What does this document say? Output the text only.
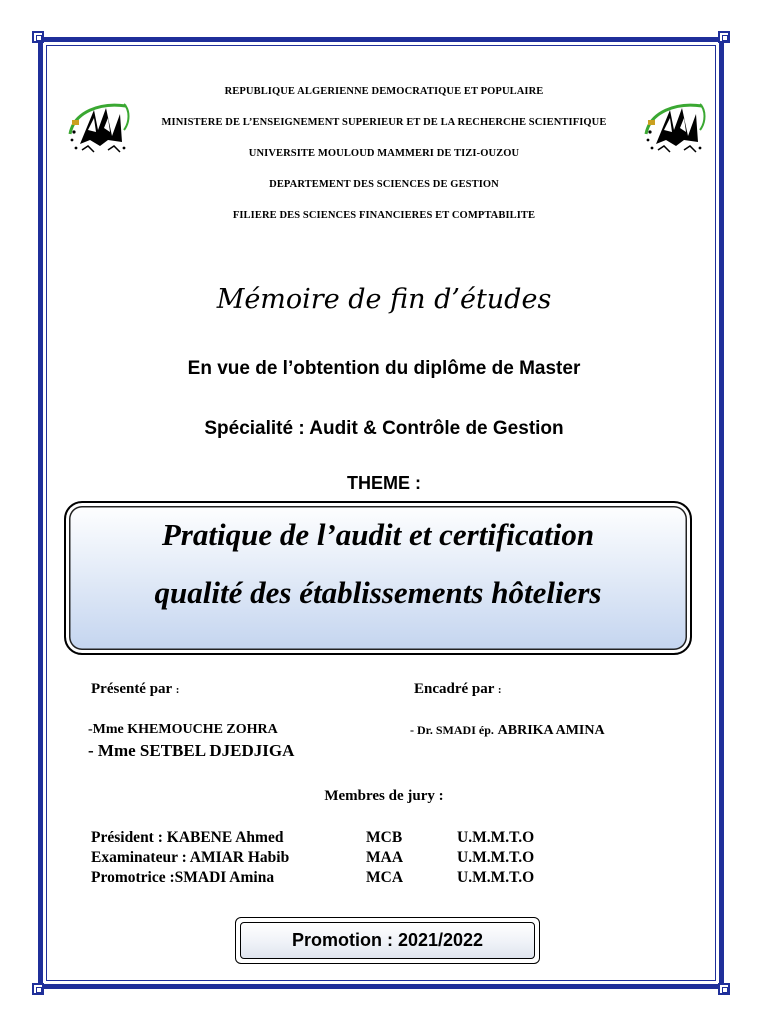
REPUBLIQUE ALGERIENNE DEMOCRATIQUE ET POPULAIRE
MINISTERE DE L’ENSEIGNEMENT SUPERIEUR ET DE LA RECHERCHE SCIENTIFIQUE
UNIVERSITE MOULOUD MAMMERI DE TIZI-OUZOU
DEPARTEMENT DES SCIENCES DE GESTION
FILIERE DES SCIENCES FINANCIERES ET COMPTABILITE
Mémoire de fin d’études
En vue de l’obtention du diplôme de Master
Spécialité : Audit & Contrôle de Gestion
THEME :
Pratique de l’audit et certification
qualité des établissements hôteliers
Présenté par :	Encadré par :
-Mme KHEMOUCHE ZOHRA
- Mme SETBEL DJEDJIGA
- Dr. SMADI ép. ABRIKA AMINA
Membres de jury :
Président : KABENE Ahmed	MCB	U.M.M.T.O
Examinateur : AMIAR Habib	MAA	U.M.M.T.O
Promotrice :SMADI Amina	MCA	U.M.M.T.O
Promotion : 2021/2022
